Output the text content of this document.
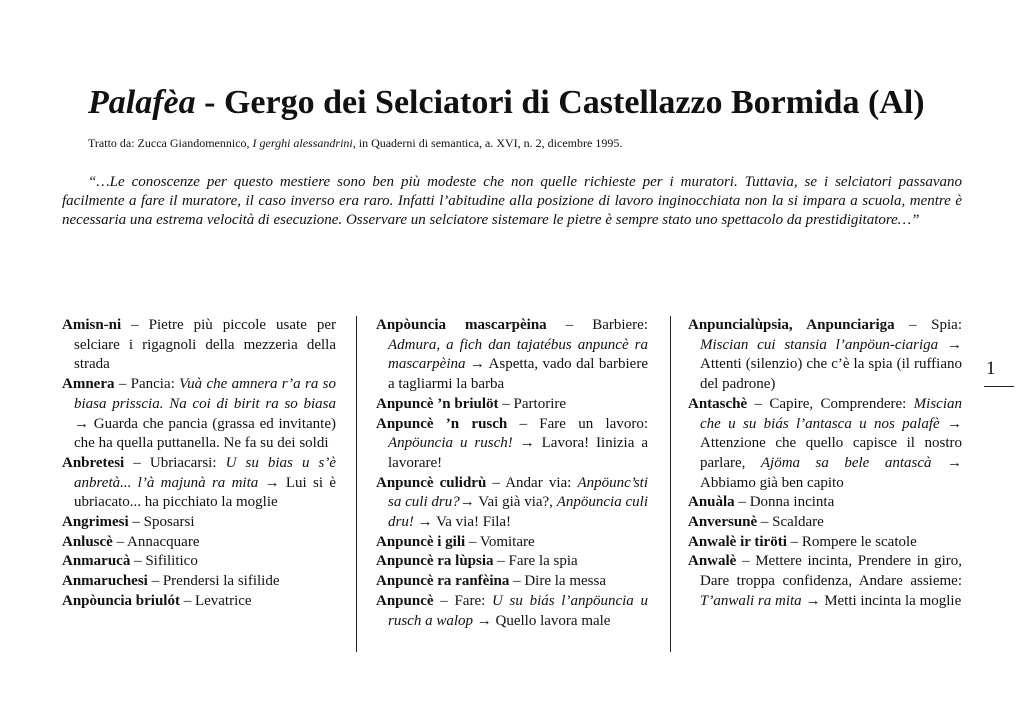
Palafèa - Gergo dei Selciatori di Castellazzo Bormida (Al)
Tratto da: Zucca Giandomennico, I gerghi alessandrini, in Quaderni di semantica, a. XVI, n. 2, dicembre 1995.
“…Le conoscenze per questo mestiere sono ben più modeste che non quelle richieste per i muratori. Tuttavia, se i selciatori passavano facilmente a fare il muratore, il caso inverso era raro. Infatti l’abitudine alla posizione di lavoro inginocchiata non la si impara a scuola, mentre è necessaria una estrema velocità di esecuzione. Osservare un selciatore sistemare le pietre è sempre stato uno spettacolo da prestidigitatore…”

Amisn-ni – Pietre più piccole usate per selciare i rigagnoli della mezzeria della strada

Amnera – Pancia: Vuà che amnera r’a ra so biasa prisscia. Na coi di birit ra so biasa → Guarda che pancia (grassa ed invitante) che ha quella puttanella. Ne fa su dei soldi

Anbretesi – Ubriacarsi: U su bias u s’è anbretà... l’à majunà ra mita → Lui si è ubriacato... ha picchiato la moglie

Angrimesi – Sposarsi

Anluscè – Annacquare

Anmarucà – Sifilitico

Anmaruchesi – Prendersi la sifilide

Anpòuncia briulót – Levatrice

Anpòuncia mascarpèina – Barbiere: Admura, a fich dan tajatébus anpuncè ra mascarpèina → Aspetta, vado dal barbiere a tagliarmi la barba

Anpuncè ’n briulöt – Partorire

Anpuncè ’n rusch – Fare un lavoro: Anpöuncia u rusch! → Lavora! Iinizia a lavorare!

Anpuncè culidrù – Andar via: Anpöunc’sti sa culi dru?→ Vai già via?, Anpöuncia culi dru! → Va via! Fila!

Anpuncè i gili – Vomitare

Anpuncè ra lùpsia – Fare la spia

Anpuncè ra ranfèina – Dire la messa

Anpuncè – Fare: U su biás l’anpöuncia u rusch a walop → Quello lavora male

Anpuncialùpsia, Anpunciariga – Spia: Miscian cui stansia l’anpöun-ciariga → Attenti (silenzio) che c’è la spia (il ruffiano del padrone)

Antaschè – Capire, Comprendere: Miscian che u su biás l’antasca u nos palafè → Attenzione che quello capisce il nostro parlare, Ajöma sa bele antascà → Abbiamo già ben capito

Anuàla – Donna incinta

Anversunè – Scaldare

Anwalè ir tiröti – Rompere le scatole

Anwalè – Mettere incinta, Prendere in giro, Dare troppa confidenza, Andare assieme: T’anwali ra mita → Metti incinta la moglie

1
